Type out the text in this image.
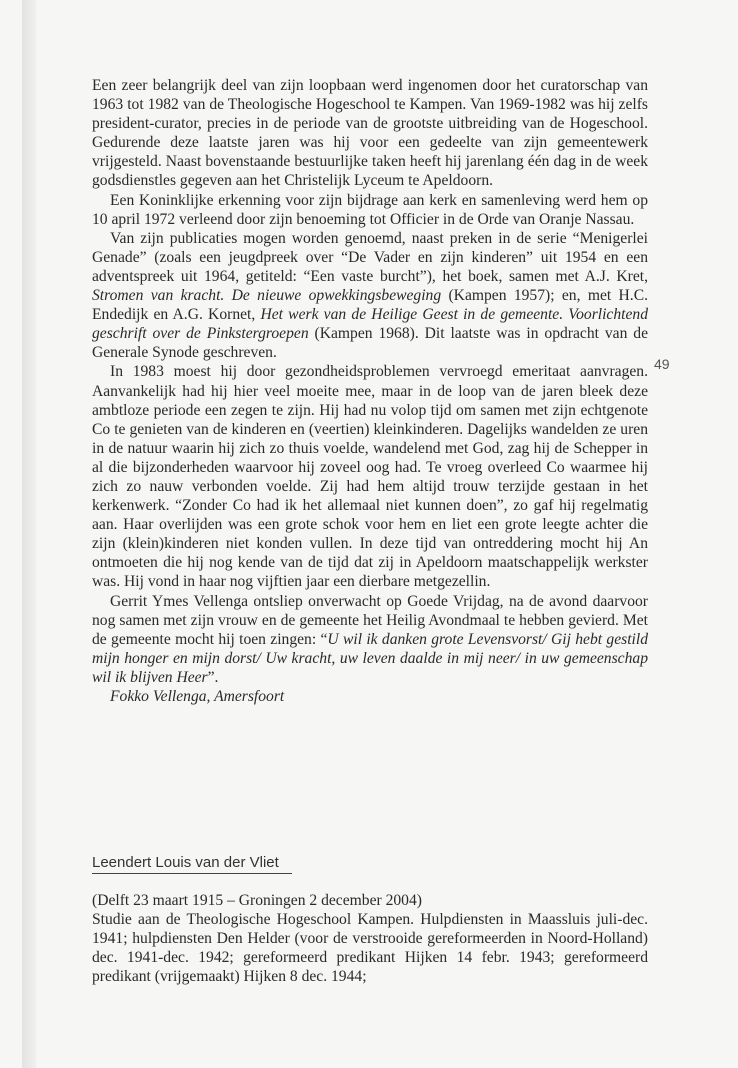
Een zeer belangrijk deel van zijn loopbaan werd ingenomen door het curatorschap van 1963 tot 1982 van de Theologische Hogeschool te Kampen. Van 1969-1982 was hij zelfs president-curator, precies in de periode van de grootste uitbreiding van de Hogeschool. Gedurende deze laatste jaren was hij voor een gedeelte van zijn gemeentewerk vrijgesteld. Naast bovenstaande bestuurlijke taken heeft hij jarenlang één dag in de week godsdienstles gegeven aan het Christelijk Lyceum te Apeldoorn.

Een Koninklijke erkenning voor zijn bijdrage aan kerk en samenleving werd hem op 10 april 1972 verleend door zijn benoeming tot Officier in de Orde van Oranje Nassau.

Van zijn publicaties mogen worden genoemd, naast preken in de serie “Menigerlei Genade” (zoals een jeugdpreek over “De Vader en zijn kinderen” uit 1954 en een adventspreek uit 1964, getiteld: “Een vaste burcht”), het boek, samen met A.J. Kret, Stromen van kracht. De nieuwe opwekkingsbeweging (Kampen 1957); en, met H.C. Endedijk en A.G. Kornet, Het werk van de Heilige Geest in de gemeente. Voorlichtend geschrift over de Pinkstergroepen (Kampen 1968). Dit laatste was in opdracht van de Generale Synode geschreven.

In 1983 moest hij door gezondheidsproblemen vervroegd emeritaat aanvragen. Aanvankelijk had hij hier veel moeite mee, maar in de loop van de jaren bleek deze ambtloze periode een zegen te zijn. Hij had nu volop tijd om samen met zijn echtgenote Co te genieten van de kinderen en (veertien) kleinkinderen. Dagelijks wandelden ze uren in de natuur waarin hij zich zo thuis voelde, wandelend met God, zag hij de Schepper in al die bijzonderheden waarvoor hij zoveel oog had. Te vroeg overleed Co waarmee hij zich zo nauw verbonden voelde. Zij had hem altijd trouw terzijde gestaan in het kerkenwerk. “Zonder Co had ik het allemaal niet kunnen doen”, zo gaf hij regelmatig aan. Haar overlijden was een grote schok voor hem en liet een grote leegte achter die zijn (klein)kinderen niet konden vullen. In deze tijd van ontreddering mocht hij An ontmoeten die hij nog kende van de tijd dat zij in Apeldoorn maatschappelijk werkster was. Hij vond in haar nog vijftien jaar een dierbare metgezellin.

Gerrit Ymes Vellenga ontsliep onverwacht op Goede Vrijdag, na de avond daarvoor nog samen met zijn vrouw en de gemeente het Heilig Avondmaal te hebben gevierd. Met de gemeente mocht hij toen zingen: “U wil ik danken grote Levensvorst/ Gij hebt gestild mijn honger en mijn dorst/ Uw kracht, uw leven daalde in mij neer/ in uw gemeenschap wil ik blijven Heer”.

Fokko Vellenga, Amersfoort

49
Leendert Louis van der Vliet

(Delft 23 maart 1915 – Groningen 2 december 2004)

Studie aan de Theologische Hogeschool Kampen. Hulpdiensten in Maassluis juli-dec. 1941; hulpdiensten Den Helder (voor de verstrooide gereformeerden in Noord-Holland) dec. 1941-dec. 1942; gereformeerd predikant Hijken 14 febr. 1943; gereformeerd predikant (vrijgemaakt) Hijken 8 dec. 1944;
